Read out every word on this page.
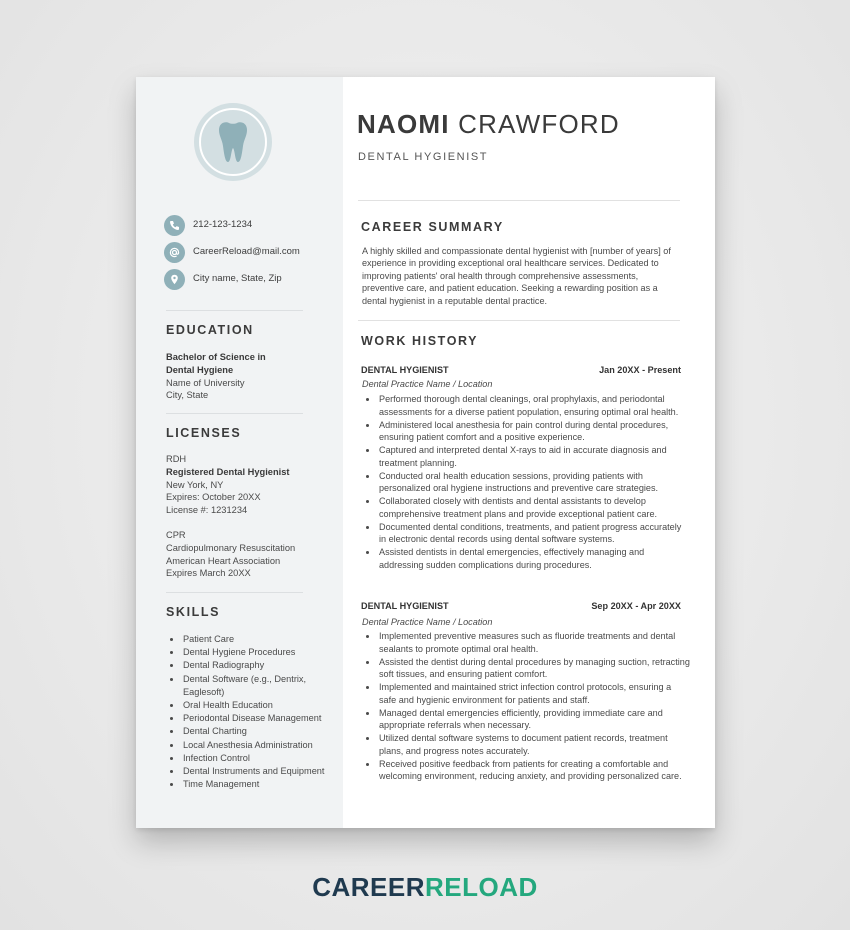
212-123-1234
CareerReload@mail.com
City name, State, Zip
EDUCATION
Bachelor of Science in
Dental Hygiene
Name of University
City, State
LICENSES
RDH
Registered Dental Hygienist
New York, NY
Expires: October 20XX
License #: 1231234
CPR
Cardiopulmonary Resuscitation
American Heart Association
Expires March 20XX
SKILLS
• Patient Care
• Dental Hygiene Procedures
• Dental Radiography
• Dental Software (e.g., Dentrix, Eaglesoft)
• Oral Health Education
• Periodontal Disease Management
• Dental Charting
• Local Anesthesia Administration
• Infection Control
• Dental Instruments and Equipment
• Time Management
NAOMI CRAWFORD
DENTAL HYGIENIST
CAREER SUMMARY
A highly skilled and compassionate dental hygienist with [number of years] of experience in providing exceptional oral healthcare services. Dedicated to improving patients' oral health through comprehensive assessments, preventive care, and patient education. Seeking a rewarding position as a dental hygienist in a reputable dental practice.
WORK HISTORY
DENTAL HYGIENIST	Jan 20XX - Present
Dental Practice Name / Location
• Performed thorough dental cleanings, oral prophylaxis, and periodontal assessments for a diverse patient population, ensuring optimal oral health.
• Administered local anesthesia for pain control during dental procedures, ensuring patient comfort and a positive experience.
• Captured and interpreted dental X-rays to aid in accurate diagnosis and treatment planning.
• Conducted oral health education sessions, providing patients with personalized oral hygiene instructions and preventive care strategies.
• Collaborated closely with dentists and dental assistants to develop comprehensive treatment plans and provide exceptional patient care.
• Documented dental conditions, treatments, and patient progress accurately in electronic dental records using dental software systems.
• Assisted dentists in dental emergencies, effectively managing and addressing sudden complications during procedures.
DENTAL HYGIENIST	Sep 20XX - Apr 20XX
Dental Practice Name / Location
• Implemented preventive measures such as fluoride treatments and dental sealants to promote optimal oral health.
• Assisted the dentist during dental procedures by managing suction, retracting soft tissues, and ensuring patient comfort.
• Implemented and maintained strict infection control protocols, ensuring a safe and hygienic environment for patients and staff.
• Managed dental emergencies efficiently, providing immediate care and appropriate referrals when necessary.
• Utilized dental software systems to document patient records, treatment plans, and progress notes accurately.
• Received positive feedback from patients for creating a comfortable and welcoming environment, reducing anxiety, and providing personalized care.
CAREERRELOAD
